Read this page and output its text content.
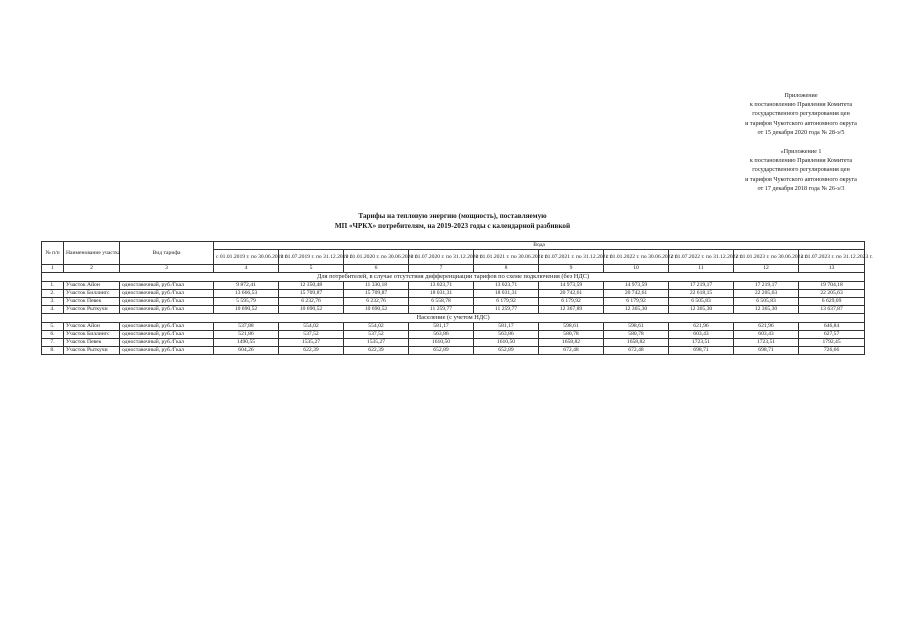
Приложение
к постановлению Правления Комитета
государственного регулирования цен
и тарифов Чукотского автономного округа
от 15 декабря 2020 года № 28-э/5
«Приложение 1
к постановлению Правления Комитета
государственного регулирования цен
и тарифов Чукотского автономного округа
от 17 декабря 2018 года № 26-э/3
Тарифы на тепловую энергию (мощность), поставляемую
МП «ЧРКХ» потребителям, на 2019-2023 годы с календарной разбивкой
№ п/п	Наименование участка	Вид тарифа	Вода									
			с 01.01.2019 г. по 30.06.2019 г.	с 01.07.2019 г. по 31.12.2019 г.	с 01.01.2020 г. по 30.06.2020 г.	с 01.07.2020 г. по 31.12.2020 г.	с 01.01.2021 г. по 30.06.2021 г.	с 01.07.2021 г. по 31.12.2021 г.	с 01.01.2022 г. по 30.06.2022 г.	с 01.07.2022 г. по 31.12.2022 г.	с 01.01.2023 г. по 30.06.2023 г.	с 01.07.2023 г. по 31.12.2023 г.
1	2	3	4	5	6	7	8	9	10	11	12	13
Для потребителей, в случае отсутствия дифференциации тарифов по схеме подключения (без НДС)												
1.	Участок Айон	одноставочный, руб./Гкал	9 872,41	12 350,48	11 330,18	13 023,71	13 023,71	14 973,59	14 973,59	17 219,17	17 219,17	19 704,18
2.	Участок Биллингс	одноставочный, руб./Гкал	13 666,53	15 709,87	15 709,87	18 031,31	18 031,31	20 742,61	20 742,61	22 618,15	22 205,63	22 205,63
3.	Участок Певек	одноставочный, руб./Гкал	5 595,79	6 232,76	6 232,76	6 558,78	6 179,92	6 179,92	6 179,92	6 505,83	6 505,83	6 629,09
4.	Участок Рыткучи	одноставочный, руб./Гкал	10 690,52	10 690,52	10 690,52	11 259,77	11 259,77	12 367,89	12 365,30	12 365,30	12 365,30	13 637,87
Население (с учетом НДС)												
5.	Участок Айон	одноставочный, руб./Гкал	537,88	554,02	554,02	581,17	581,17	598,61	598,61	621,96	621,96	646,84
6.	Участок Биллингс	одноставочный, руб./Гкал	521,86	537,52	537,52	563,86	563,86	580,78	580,78	603,43	603,43	627,57
7.	Участок Певек	одноставочный, руб./Гкал	1490,55	1535,27	1535,27	1610,50	1610,50	1658,82	1658,82	1723,51	1723,51	1792,45
8.	Участок Рыткучи	одноставочный, руб./Гкал	604,26	622,39	622,39	652,89	652,89	672,48	672,48	698,71	698,71	726,66
